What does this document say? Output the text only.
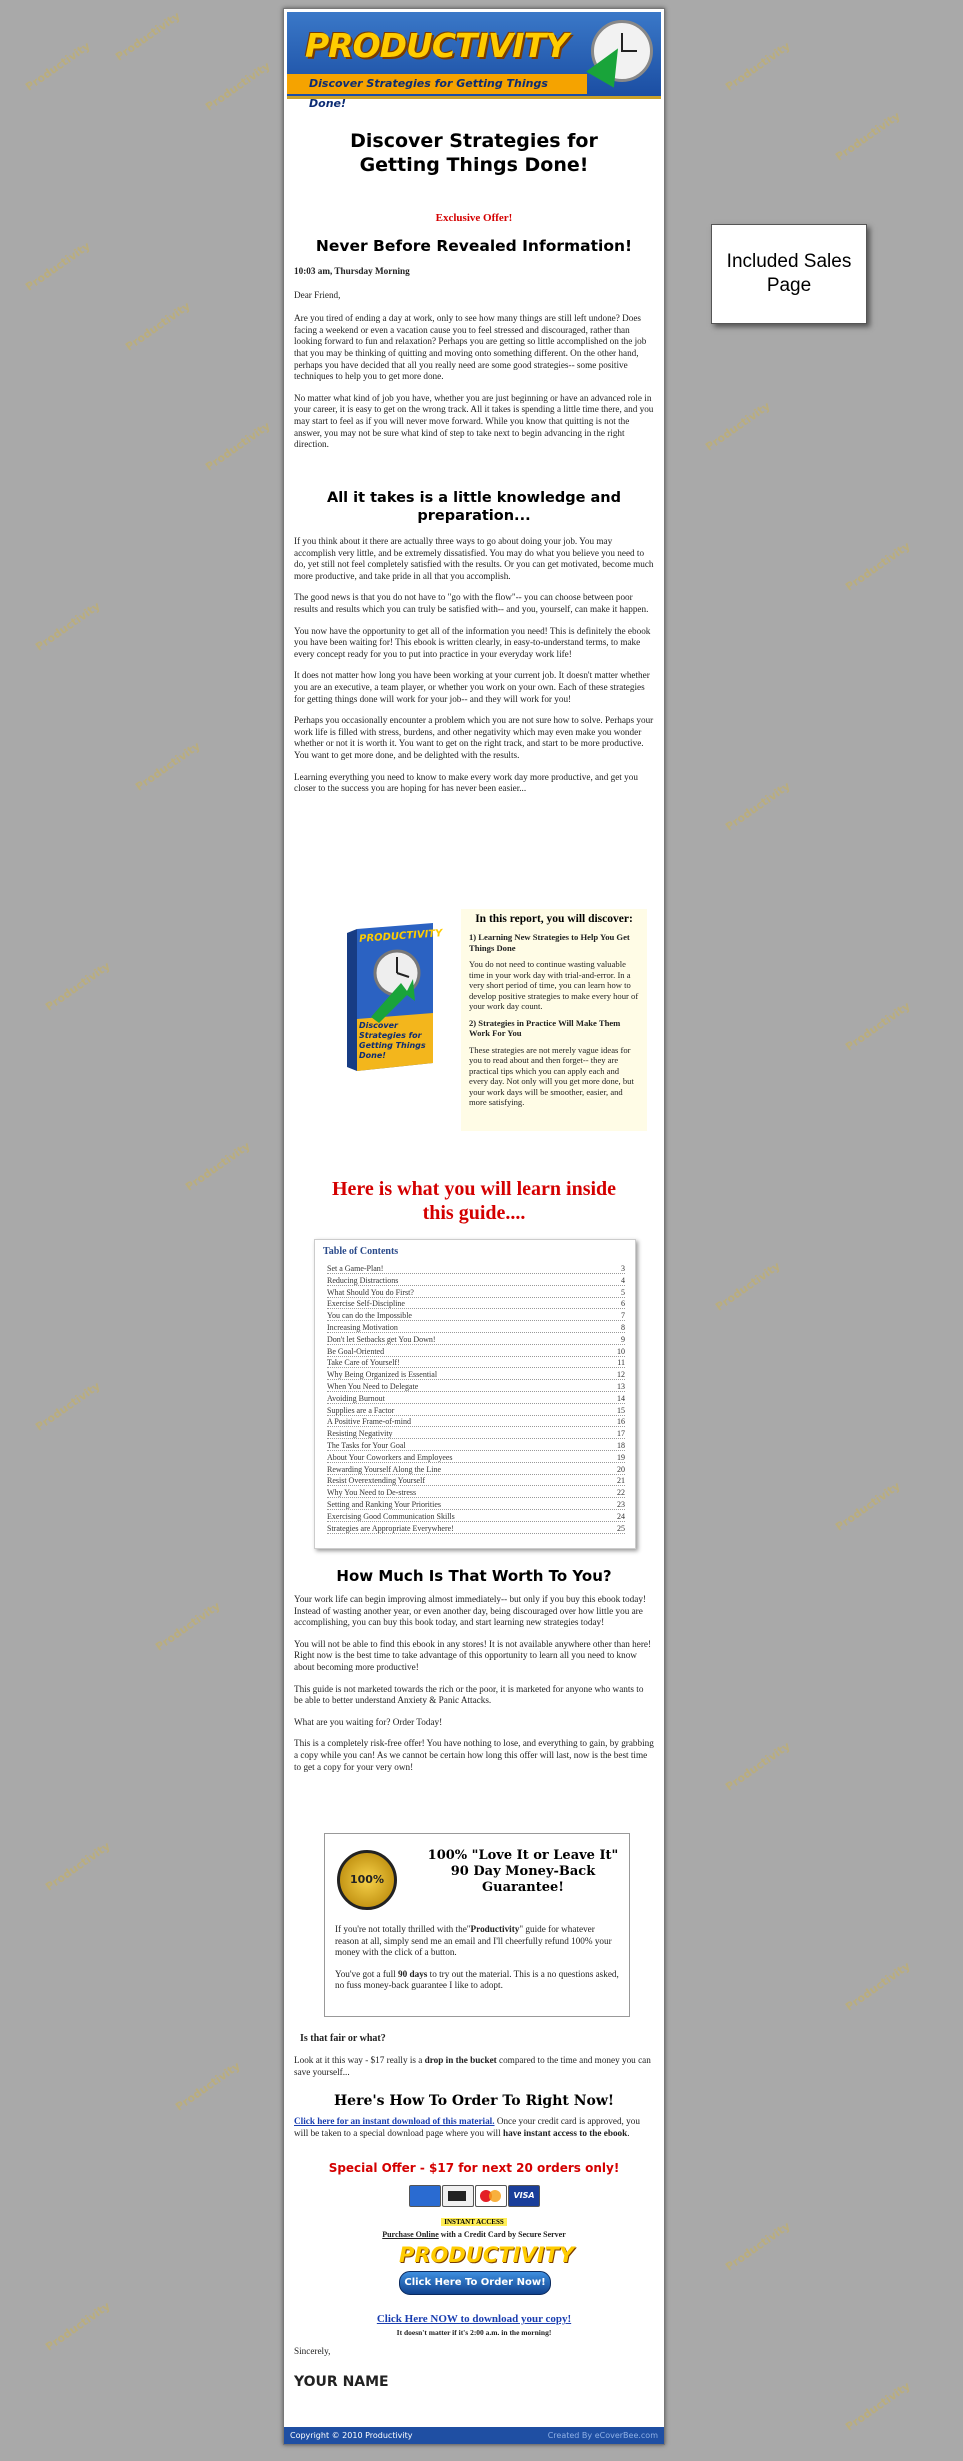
Productivity
Productivity
Productivity
Productivity
Productivity
Productivity
Productivity
Productivity
Productivity
Productivity
Productivity
Productivity
Productivity
Productivity
Productivity
Productivity
Productivity
Productivity
Productivity
Productivity
Productivity
Productivity
Productivity
Productivity
Productivity
Productivity
Productivity
Included Sales Page
PRODUCTIVITY
Discover Strategies for Getting Things Done!
Discover Strategies for Getting Things Done!
Exclusive Offer!
Never Before Revealed Information!

10:03 am, Thursday Morning

Dear Friend,

Are you tired of ending a day at work, only to see how many things are still left undone? Does facing a weekend or even a vacation cause you to feel stressed and discouraged, rather than looking forward to fun and relaxation? Perhaps you are getting so little accomplished on the job that you may be thinking of quitting and moving onto something different. On the other hand, perhaps you have decided that all you really need are some good strategies-- some positive techniques to help you to get more done.

No matter what kind of job you have, whether you are just beginning or have an advanced role in your career, it is easy to get on the wrong track. All it takes is spending a little time there, and you may start to feel as if you will never move forward. While you know that quitting is not the answer, you may not be sure what kind of step to take next to begin advancing in the right direction.

All it takes is a little knowledge and preparation...

If you think about it there are actually three ways to go about doing your job. You may accomplish very little, and be extremely dissatisfied. You may do what you believe you need to do, yet still not feel completely satisfied with the results. Or you can get motivated, become much more productive, and take pride in all that you accomplish.

The good news is that you do not have to "go with the flow"-- you can choose between poor results and results which you can truly be satisfied with-- and you, yourself, can make it happen.

You now have the opportunity to get all of the information you need! This is definitely the ebook you have been waiting for! This ebook is written clearly, in easy-to-understand terms, to make every concept ready for you to put into practice in your everyday work life!

It does not matter how long you have been working at your current job. It doesn't matter whether you are an executive, a team player, or whether you work on your own. Each of these strategies for getting things done will work for your job-- and they will work for you!

Perhaps you occasionally encounter a problem which you are not sure how to solve. Perhaps your work life is filled with stress, burdens, and other negativity which may even make you wonder whether or not it is worth it. You want to get on the right track, and start to be more productive. You want to get more done, and be delighted with the results.

Learning everything you need to know to make every work day more productive, and get you closer to the success you are hoping for has never been easier...

PRODUCTIVITY
Discover Strategies for Getting Things Done!
In this report, you will discover:

1) Learning New Strategies to Help You Get Things Done

You do not need to continue wasting valuable time in your work day with trial-and-error. In a very short period of time, you can learn how to develop positive strategies to make every hour of your work day count.

2) Strategies in Practice Will Make Them Work For You

These strategies are not merely vague ideas for you to read about and then forget-- they are practical tips which you can apply each and every day. Not only will you get more done, but your work days will be smoother, easier, and more satisfying.

Here is what you will learn inside this guide....
Table of Contents
Set a Game-Plan!	3
Reducing Distractions	4
What Should You do First?	5
Exercise Self-Discipline	6
You can do the Impossible	7
Increasing Motivation	8
Don't let Setbacks get You Down!	9
Be Goal-Oriented	10
Take Care of Yourself!	11
Why Being Organized is Essential	12
When You Need to Delegate	13
Avoiding Burnout	14
Supplies are a Factor	15
A Positive Frame-of-mind	16
Resisting Negativity	17
The Tasks for Your Goal	18
About Your Coworkers and Employees	19
Rewarding Yourself Along the Line	20
Resist Overextending Yourself	21
Why You Need to De-stress	22
Setting and Ranking Your Priorities	23
Exercising Good Communication Skills	24
Strategies are Appropriate Everywhere!	25
How Much Is That Worth To You?

Your work life can begin improving almost immediately-- but only if you buy this ebook today! Instead of wasting another year, or even another day, being discouraged over how little you are accomplishing, you can buy this book today, and start learning new strategies today!

You will not be able to find this ebook in any stores! It is not available anywhere other than here! Right now is the best time to take advantage of this opportunity to learn all you need to know about becoming more productive!

This guide is not marketed towards the rich or the poor, it is marketed for anyone who wants to be able to better understand Anxiety & Panic Attacks.

What are you waiting for? Order Today!

This is a completely risk-free offer! You have nothing to lose, and everything to gain, by grabbing a copy while you can! As we cannot be certain how long this offer will last, now is the best time to get a copy for your very own!

100%
100% "Love It or Leave It" 90 Day Money-Back Guarantee!

If you're not totally thrilled with the"Productivity" guide for whatever reason at all, simply send me an email and I'll cheerfully refund 100% your money with the click of a button.

You've got a full 90 days to try out the material. This is a no questions asked, no fuss money-back guarantee I like to adopt.

Is that fair or what?

Look at it this way - $17 really is a drop in the bucket compared to the time and money you can save yourself...

Here's How To Order To Right Now!

Click here for an instant download of this material. Once your credit card is approved, you will be taken to a special download page where you will have instant access to the ebook.

Special Offer - $17 for next 20 orders only!

VISA
INSTANT ACCESS

Purchase Online with a Credit Card by Secure Server

PRODUCTIVITY
Click Here To Order Now!
Click Here NOW to download your copy!

It doesn't matter if it's 2:00 a.m. in the morning!

Sincerely,

YOUR NAME

Copyright © 2010 Productivity	Created By eCoverBee.com
